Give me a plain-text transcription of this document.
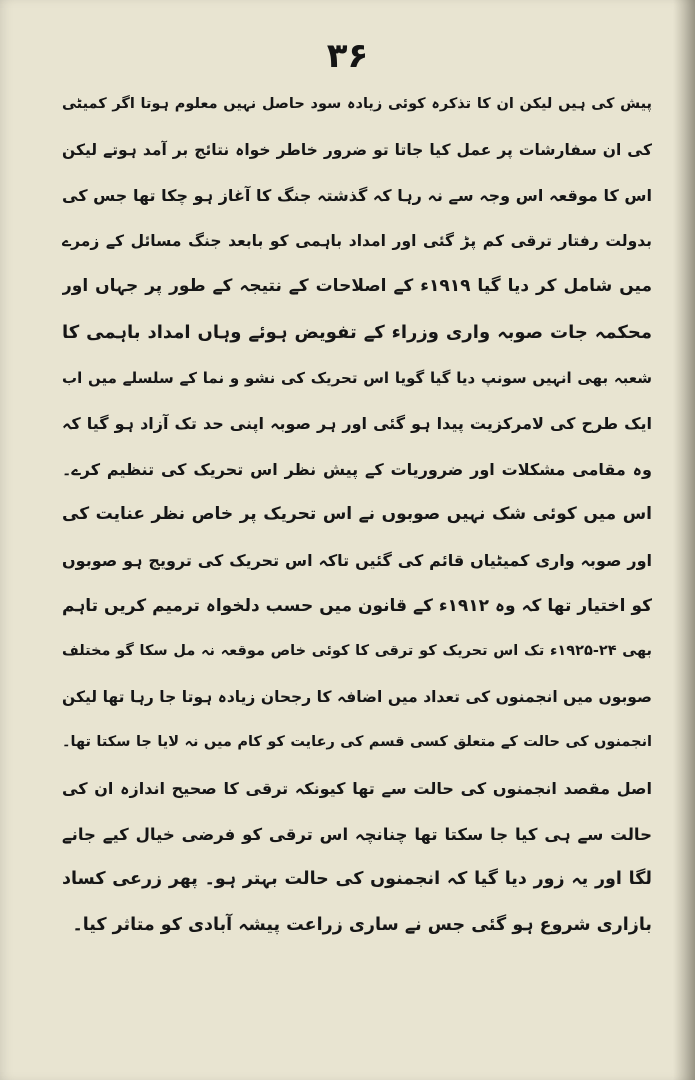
۳۶
پیش کی ہیں لیکن ان کا تذکرہ کوئی زیادہ سود حاصل نہیں معلوم ہوتا اگر کمیٹی
کی ان سفارشات پر عمل کیا جاتا تو ضرور خاطر خواہ نتائج بر آمد ہوتے لیکن
اس کا موقعہ اس وجہ سے نہ رہا کہ گذشتہ جنگ کا آغاز ہو چکا تھا جس کی
بدولت رفتار ترقی کم پڑ گئی اور امداد باہمی کو بابعد جنگ مسائل کے زمرے
میں شامل کر دیا گیا ۱۹۱۹ء کے اصلاحات کے نتیجہ کے طور پر جہاں اور
محکمہ جات صوبہ واری وزراء کے تفویض ہوئے وہاں امداد باہمی کا
شعبہ بھی انہیں سونپ دیا گیا گویا اس تحریک کی نشو و نما کے سلسلے میں اب
ایک طرح کی لامرکزیت پیدا ہو گئی اور ہر صوبہ اپنی حد تک آزاد ہو گیا کہ
وہ مقامی مشکلات اور ضروریات کے پیش نظر اس تحریک کی تنظیم کرے۔
اس میں کوئی شک نہیں صوبوں نے اس تحریک پر خاص نظر عنایت کی
اور صوبہ واری کمیٹیاں قائم کی گئیں تاکہ اس تحریک کی ترویج ہو صوبوں
کو اختیار تھا کہ وہ ۱۹۱۲ء کے قانون میں حسب دلخواہ ترمیم کریں تاہم
بھی ۲۴-۱۹۲۵ء تک اس تحریک کو ترقی کا کوئی خاص موقعہ نہ مل سکا گو مختلف
صوبوں میں انجمنوں کی تعداد میں اضافہ کا رجحان زیادہ ہوتا جا رہا تھا لیکن
انجمنوں کی حالت کے متعلق کسی قسم کی رعایت کو کام میں نہ لایا جا سکتا تھا۔
اصل مقصد انجمنوں کی حالت سے تھا کیونکہ ترقی کا صحیح اندازہ ان کی
حالت سے ہی کیا جا سکتا تھا چنانچہ اس ترقی کو فرضی خیال کیے جانے
لگا اور یہ زور دیا گیا کہ انجمنوں کی حالت بہتر ہو۔ پھر زرعی کساد
بازاری شروع ہو گئی جس نے ساری زراعت پیشہ آبادی کو متاثر کیا۔
